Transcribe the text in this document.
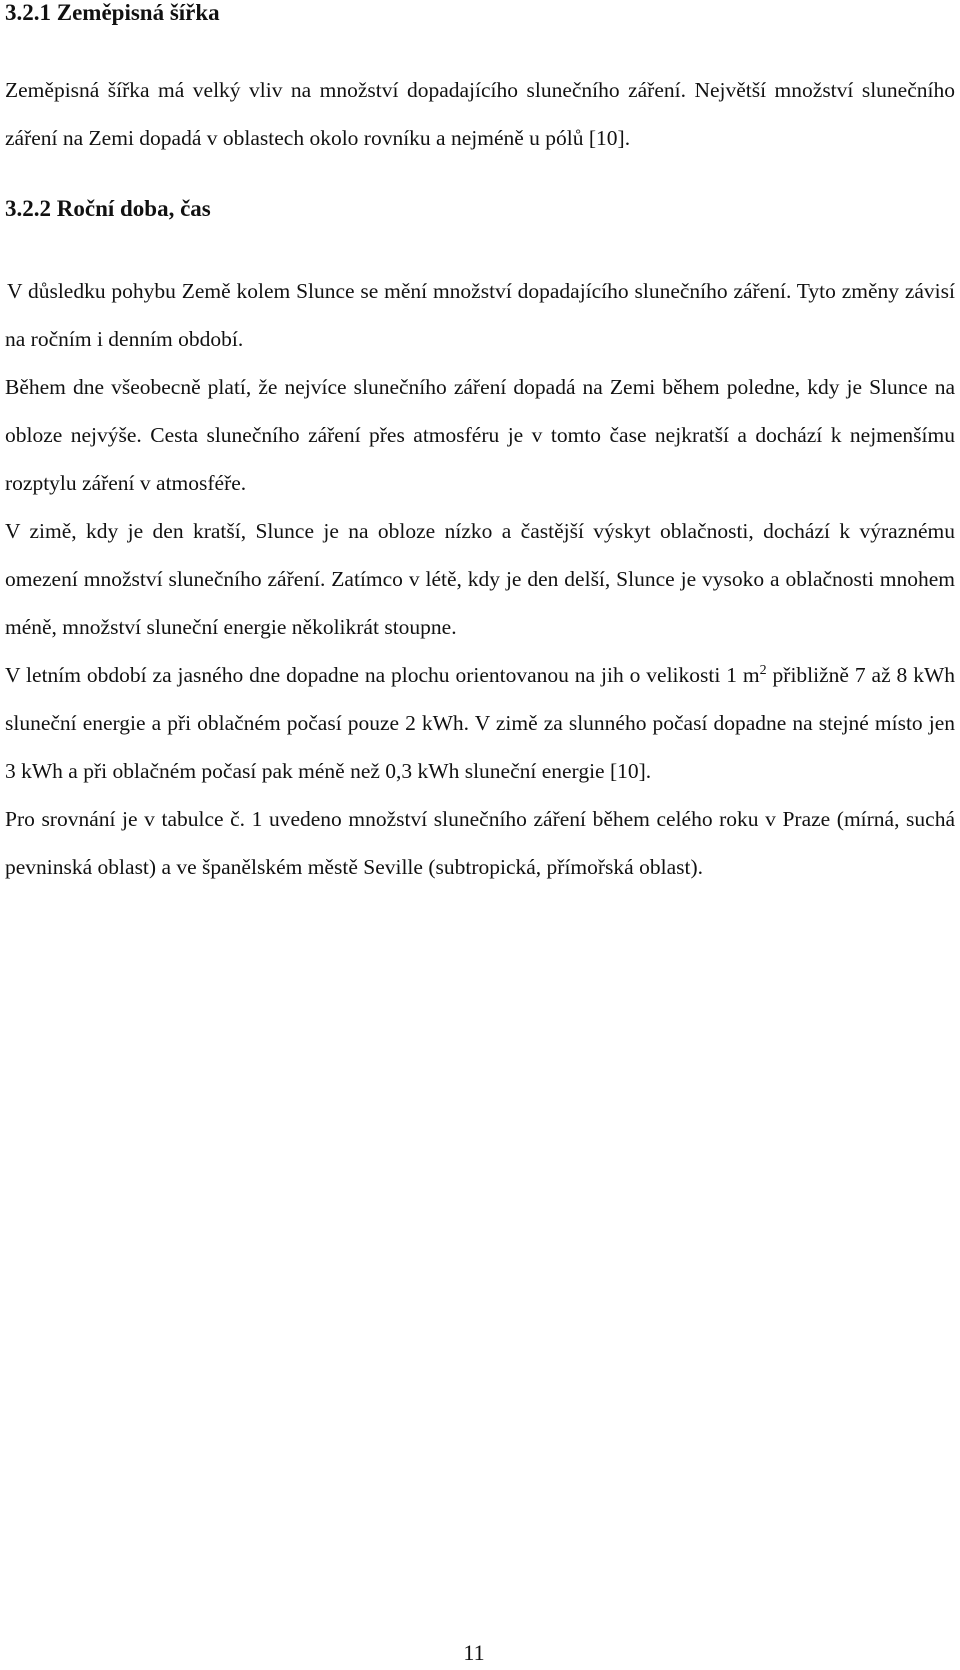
3.2.1 Zeměpisná šířka

Zeměpisná šířka má velký vliv na množství dopadajícího slunečního záření. Největší množství slunečního záření na Zemi dopadá v oblastech okolo rovníku a nejméně u pólů [10].

3.2.2 Roční doba, čas

V důsledku pohybu Země kolem Slunce se mění množství dopadajícího slunečního záření. Tyto změny závisí na ročním i denním období.

Během dne všeobecně platí, že nejvíce slunečního záření dopadá na Zemi během poledne, kdy je Slunce na obloze nejvýše. Cesta slunečního záření přes atmosféru je v tomto čase nejkratší a dochází k nejmenšímu rozptylu záření v atmosféře.

V zimě, kdy je den kratší, Slunce je na obloze nízko a častější výskyt oblačnosti, dochází k výraznému omezení množství slunečního záření. Zatímco v létě, kdy je den delší, Slunce je vysoko a oblačnosti mnohem méně, množství sluneční energie několikrát stoupne.

V letním období za jasného dne dopadne na plochu orientovanou na jih o velikosti 1 $m^2$ přibližně 7 až 8 kWh sluneční energie a při oblačném počasí pouze 2 kWh. V zimě za slunného počasí dopadne na stejné místo jen 3 kWh a při oblačném počasí pak méně než 0,3 kWh sluneční energie [10].

Pro srovnání je v tabulce č. 1 uvedeno množství slunečního záření během celého roku v Praze (mírná, suchá pevninská oblast) a ve španělském městě Seville (subtropická, přímořská oblast).

11
